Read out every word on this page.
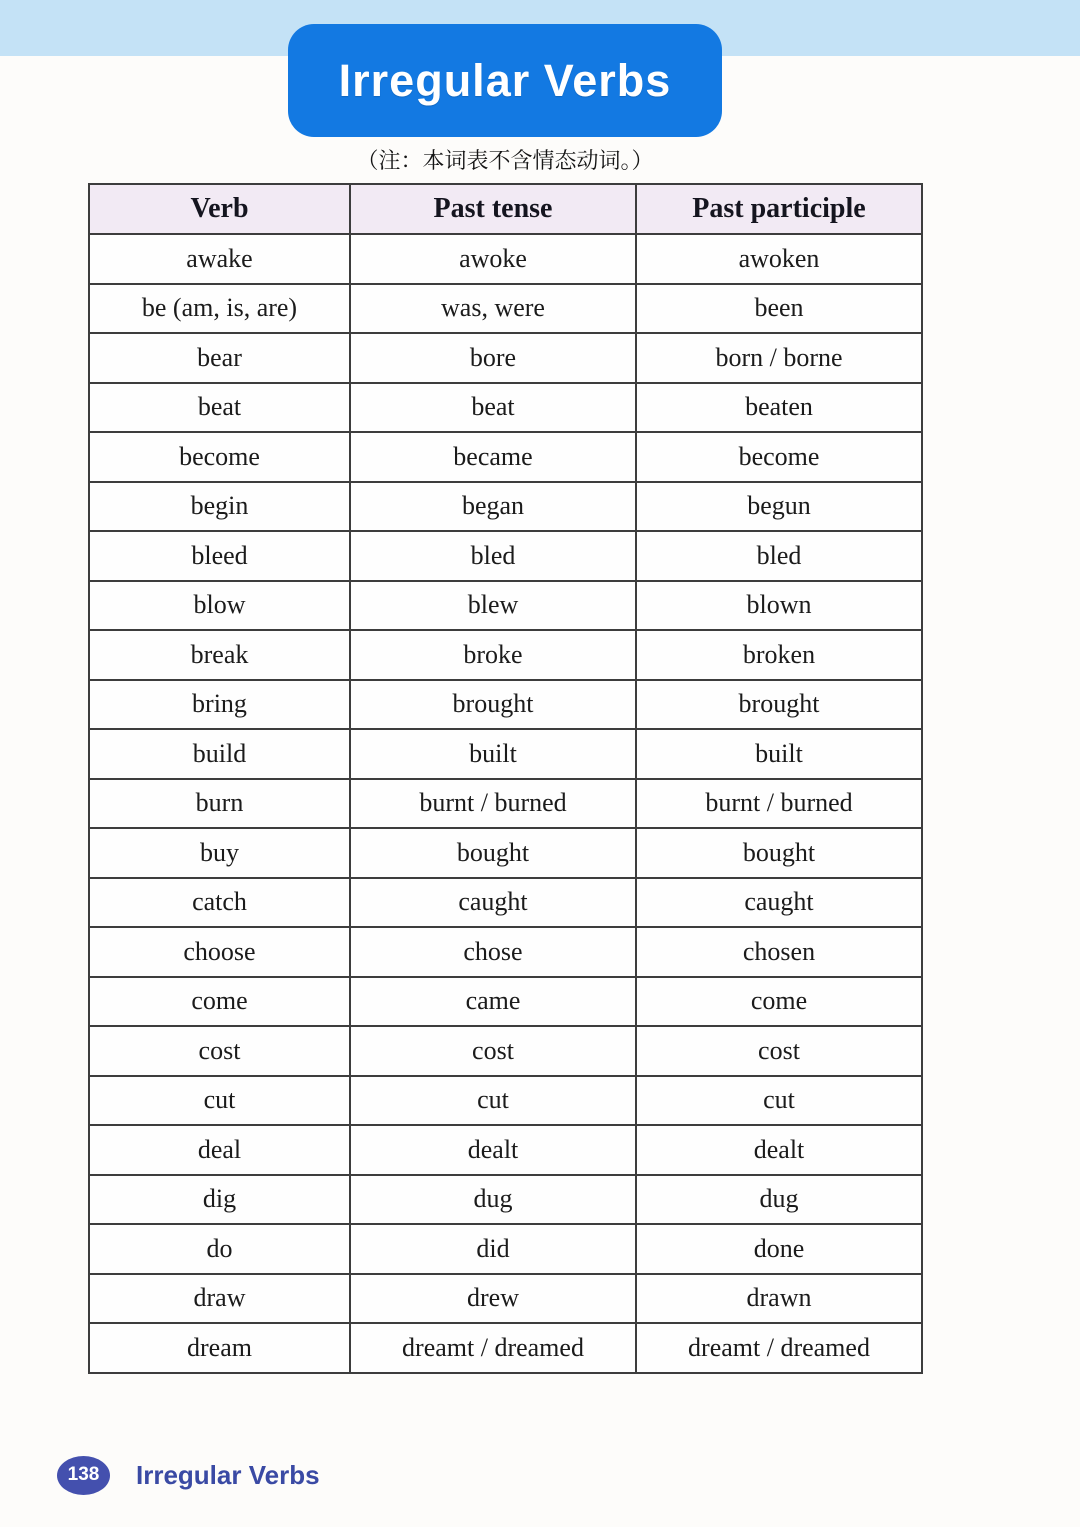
Irregular Verbs
（注：本词表不含情态动词。）
Verb	Past tense	Past participle
awake	awoke	awoken
be (am, is, are)	was, were	been
bear	bore	born / borne
beat	beat	beaten
become	became	become
begin	began	begun
bleed	bled	bled
blow	blew	blown
break	broke	broken
bring	brought	brought
build	built	built
burn	burnt / burned	burnt / burned
buy	bought	bought
catch	caught	caught
choose	chose	chosen
come	came	come
cost	cost	cost
cut	cut	cut
deal	dealt	dealt
dig	dug	dug
do	did	done
draw	drew	drawn
dream	dreamt / dreamed	dreamt / dreamed
138	Irregular Verbs
